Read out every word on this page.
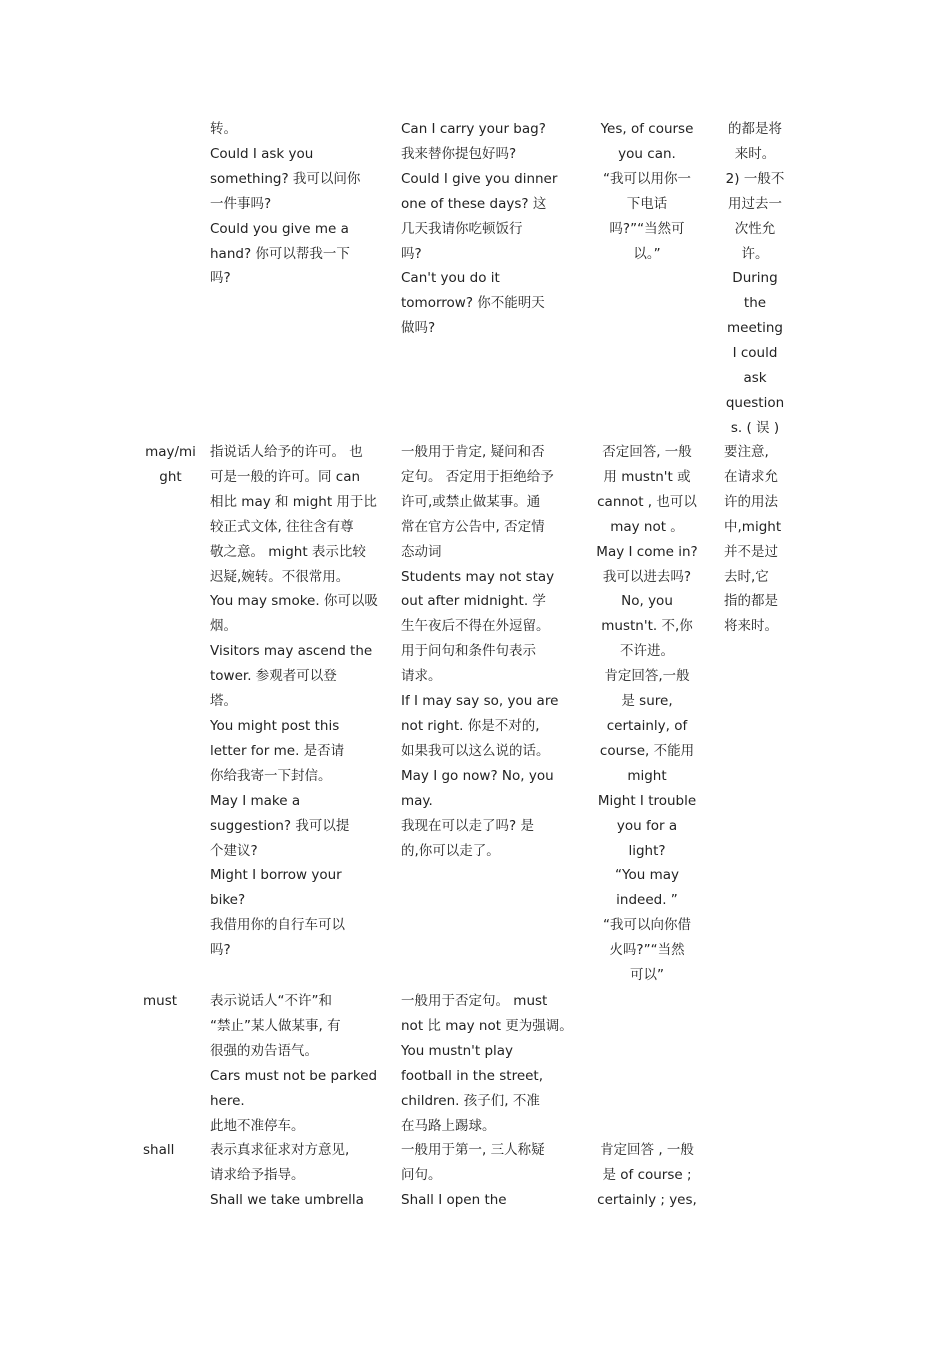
转。
Could I ask you
something? 我可以问你
一件事吗?
Could you give me a
hand? 你可以帮我一下
吗?
Can I carry your bag?
我来替你提包好吗?
Could I give you dinner
one of these days? 这
几天我请你吃顿饭行
吗?
Can't you do it
tomorrow? 你不能明天
做吗?
Yes, of course
you can.
“我可以用你一
下电话
吗?”“当然可
以。”
的都是将
来时。
2) 一般不
用过去一
次性允
许。
During
the
meeting
I could
ask
question
s. ( 误 )
may/mi
ght
指说话人给予的许可。 也
可是一般的许可。同 can
相比 may 和 might 用于比
较正式文体, 往往含有尊
敬之意。 might 表示比较
迟疑,婉转。不很常用。
You may smoke. 你可以吸
烟。
Visitors may ascend the
tower. 参观者可以登
塔。
You might post this
letter for me. 是否请
你给我寄一下封信。
May I make a
suggestion? 我可以提
个建议?
Might I borrow your
bike?
我借用你的自行车可以
吗?
一般用于肯定, 疑问和否
定句。 否定用于拒绝给予
许可,或禁止做某事。通
常在官方公告中, 否定情
态动词
Students may not stay
out after midnight. 学
生午夜后不得在外逗留。
用于问句和条件句表示
请求。
If I may say so, you are
not right. 你是不对的,
如果我可以这么说的话。
May I go now? No, you
may.
我现在可以走了吗? 是
的,你可以走了。
否定回答, 一般
用 mustn't 或
cannot , 也可以
may not 。
May I come in?
我可以进去吗?
No, you
mustn't. 不,你
不许进。
肯定回答,一般
是 sure,
certainly, of
course, 不能用
might
Might I trouble
you for a
light?
“You may
indeed. ”
“我可以向你借
火吗?”“当然
可以”
要注意,
在请求允
许的用法
中,might
并不是过
去时,它
指的都是
将来时。
must	表示说话人“不许”和
“禁止”某人做某事, 有
很强的劝告语气。
Cars must not be parked
here.
此地不准停车。
一般用于否定句。 must
not 比 may not 更为强调。
You mustn't play
football in the street,
children. 孩子们, 不准
在马路上踢球。
shall	表示真求征求对方意见,
请求给予指导。
Shall we take umbrella
一般用于第一, 三人称疑
问句。
Shall I open the
肯定回答 , 一般
是 of course ;
certainly ; yes,
